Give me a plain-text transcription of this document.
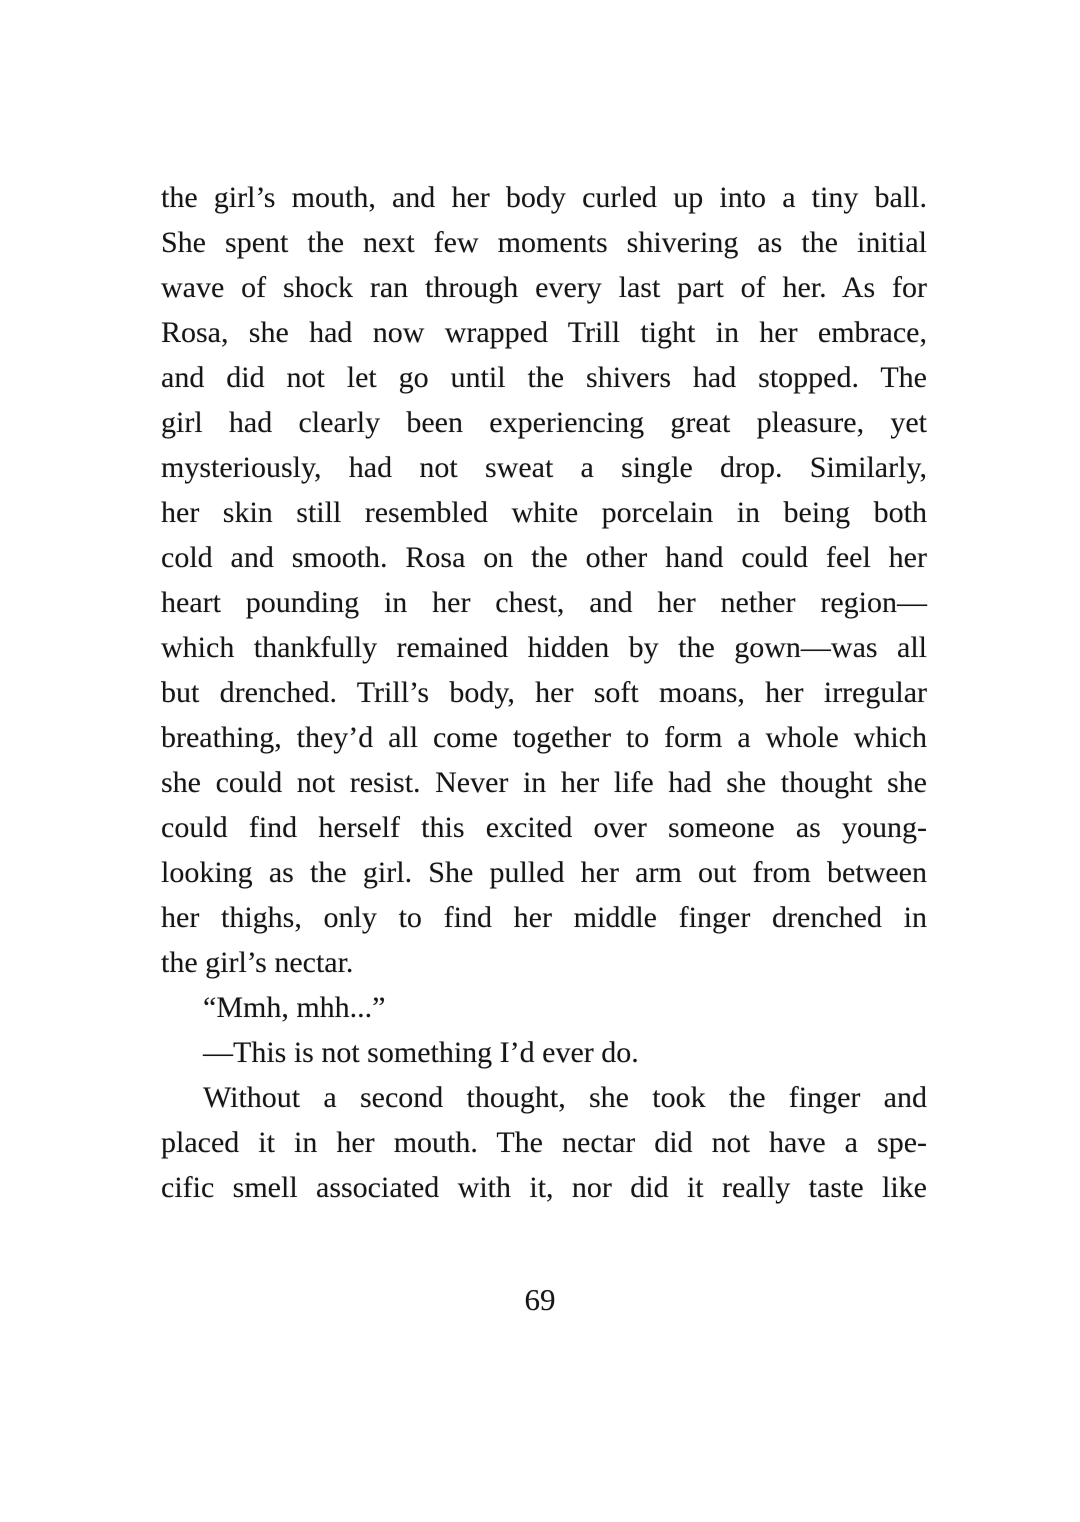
the girl’s mouth, and her body curled up into a tiny ball.
She spent the next few moments shivering as the initial
wave of shock ran through every last part of her. As for
Rosa, she had now wrapped Trill tight in her embrace,
and did not let go until the shivers had stopped. The
girl had clearly been experiencing great pleasure, yet
mysteriously, had not sweat a single drop. Similarly,
her skin still resembled white porcelain in being both
cold and smooth. Rosa on the other hand could feel her
heart pounding in her chest, and her nether region—
which thankfully remained hidden by the gown—was all
but drenched. Trill’s body, her soft moans, her irregular
breathing, they’d all come together to form a whole which
she could not resist. Never in her life had she thought she
could find herself this excited over someone as young-
looking as the girl. She pulled her arm out from between
her thighs, only to find her middle finger drenched in
the girl’s nectar.
“Mmh, mhh...”
—This is not something I’d ever do.
Without a second thought, she took the finger and
placed it in her mouth. The nectar did not have a spe-
cific smell associated with it, nor did it really taste like
69
